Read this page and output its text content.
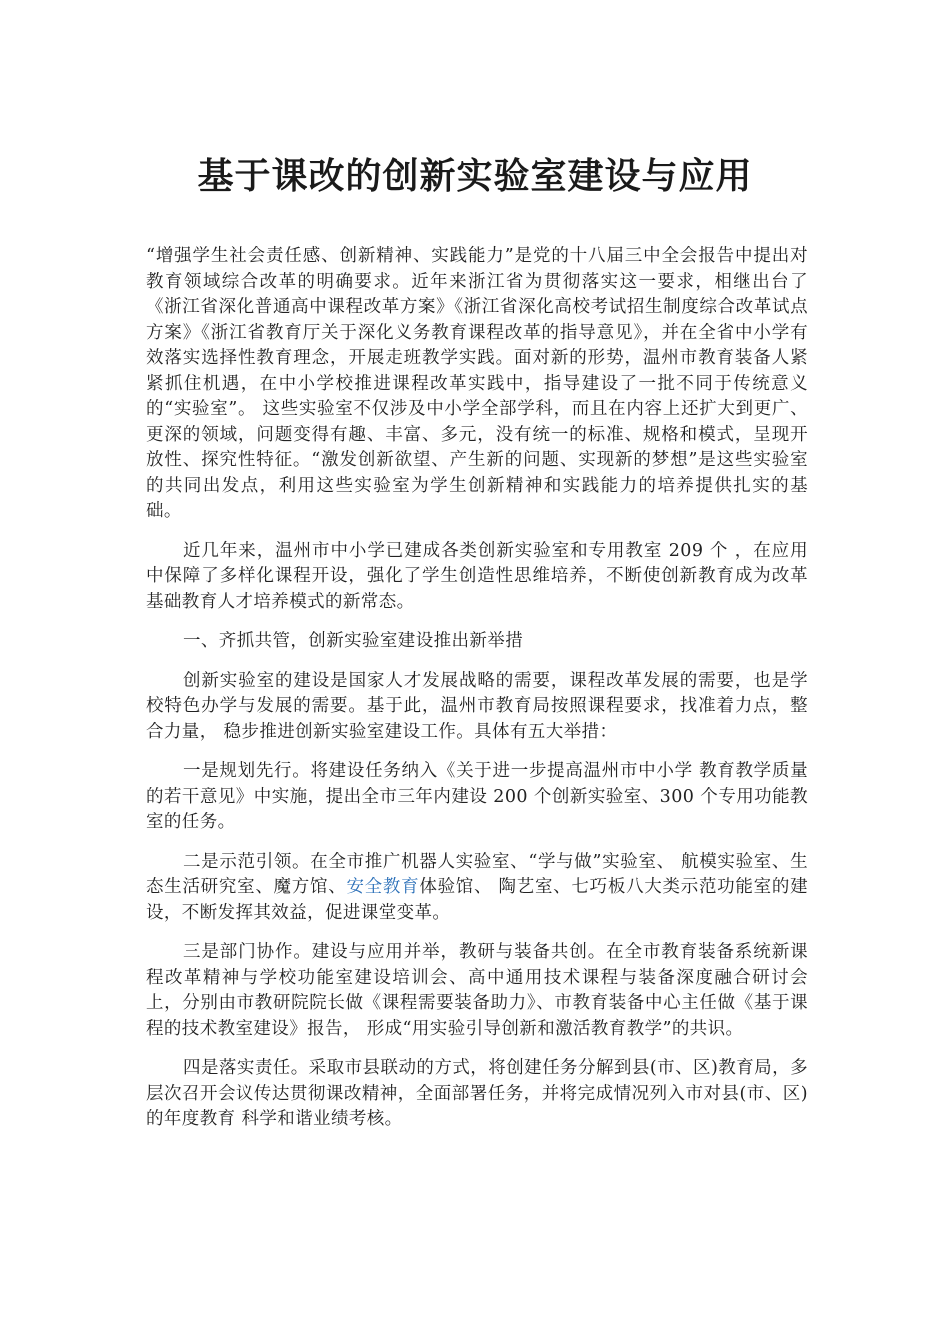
基于课改的创新实验室建设与应用

“增强学生社会责任感、创新精神、实践能力”是党的十八届三中全会报告中提出对教育领域综合改革的明确要求。近年来浙江省为贯彻落实这一要求，相继出台了《浙江省深化普通高中课程改革方案》《浙江省深化高校考试招生制度综合改革试点方案》《浙江省教育厅关于深化义务教育课程改革的指导意见》，并在全省中小学有效落实选择性教育理念，开展走班教学实践。面对新的形势，温州市教育装备人紧紧抓住机遇，在中小学校推进课程改革实践中，指导建设了一批不同于传统意义的“实验室”。 这些实验室不仅涉及中小学全部学科，而且在内容上还扩大到更广、更深的领域，问题变得有趣、丰富、多元，没有统一的标准、规格和模式，呈现开放性、探究性特征。“激发创新欲望、产生新的问题、实现新的梦想”是这些实验室的共同出发点，利用这些实验室为学生创新精神和实践能力的培养提供扎实的基础。

近几年来，温州市中小学已建成各类创新实验室和专用教室 209 个 ，在应用中保障了多样化课程开设，强化了学生创造性思维培养，不断使创新教育成为改革基础教育人才培养模式的新常态。

一、齐抓共管，创新实验室建设推出新举措

创新实验室的建设是国家人才发展战略的需要，课程改革发展的需要，也是学校特色办学与发展的需要。基于此，温州市教育局按照课程要求，找准着力点，整合力量， 稳步推进创新实验室建设工作。具体有五大举措：

一是规划先行。将建设任务纳入《关于进一步提高温州市中小学 教育教学质量的若干意见》中实施，提出全市三年内建设 200 个创新实验室、300 个专用功能教室的任务。

二是示范引领。在全市推广机器人实验室、“学与做”实验室、 航模实验室、生态生活研究室、魔方馆、安全教育体验馆、 陶艺室、七巧板八大类示范功能室的建设，不断发挥其效益，促进课堂变革。

三是部门协作。建设与应用并举，教研与装备共创。在全市教育装备系统新课程改革精神与学校功能室建设培训会、高中通用技术课程与装备深度融合研讨会上，分别由市教研院院长做《课程需要装备助力》、市教育装备中心主任做《基于课程的技术教室建设》报告， 形成“用实验引导创新和激活教育教学”的共识。

四是落实责任。采取市县联动的方式，将创建任务分解到县(市、区)教育局，多层次召开会议传达贯彻课改精神，全面部署任务，并将完成情况列入市对县(市、区)的年度教育 科学和谐业绩考核。
